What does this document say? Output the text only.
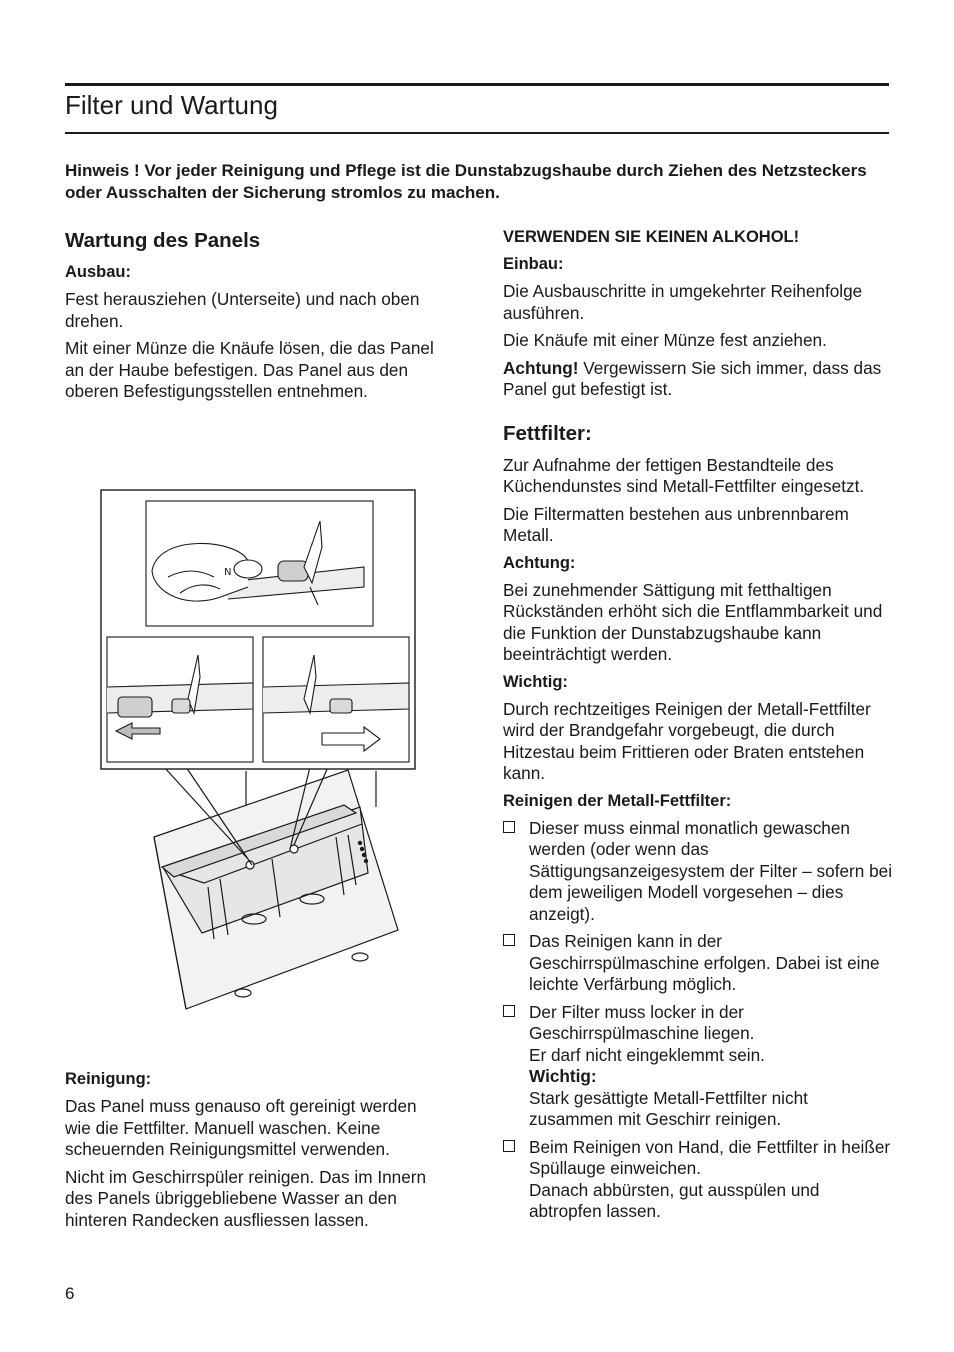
Filter und Wartung

Hinweis ! Vor jeder Reinigung und Pflege ist die Dunstabzugshaube durch Ziehen des Netzsteckers oder Ausschalten der Sicherung stromlos zu machen.

Wartung des Panels
Ausbau:

Fest herausziehen (Unterseite) und nach oben drehen.

Mit einer Münze die Knäufe lösen, die das Panel an der Haube befestigen. Das Panel aus den oberen Befestigungsstellen entnehmen.

N
Reinigung:

Das Panel muss genauso oft gereinigt werden wie die Fettfilter. Manuell waschen. Keine scheuernden Reinigungsmittel verwenden.

Nicht im Geschirrspüler reinigen. Das im Innern des Panels übriggebliebene Wasser an den hinteren Randecken ausfliessen lassen.

VERWENDEN SIE KEINEN ALKOHOL!
Einbau:

Die Ausbauschritte in umgekehrter Reihenfolge ausführen.

Die Knäufe mit einer Münze fest anziehen.

Achtung! Vergewissern Sie sich immer, dass das Panel gut befestigt ist.

Fettfilter:

Zur Aufnahme der fettigen Bestandteile des Küchendunstes sind Metall-Fettfilter eingesetzt.

Die Filtermatten bestehen aus unbrennbarem Metall.

Achtung:

Bei zunehmender Sättigung mit fetthaltigen Rückständen erhöht sich die Entflammbarkeit und die Funktion der Dunstabzugshaube kann beeinträchtigt werden.

Wichtig:

Durch rechtzeitiges Reinigen der Metall-Fettfilter wird der Brandgefahr vorgebeugt, die durch Hitzestau beim Frittieren oder Braten entstehen kann.

Reinigen der Metall-Fettfilter:
Dieser muss einmal monatlich gewaschen werden (oder wenn das Sättigungsanzeigesystem der Filter – sofern bei dem jeweiligen Modell vorgesehen – dies anzeigt).
Das Reinigen kann in der Geschirrspülmaschine erfolgen. Dabei ist eine leichte Verfärbung möglich.
Der Filter muss locker in der Geschirrspülmaschine liegen.
Er darf nicht eingeklemmt sein.
Wichtig:
Stark gesättigte Metall-Fettfilter nicht zusammen mit Geschirr reinigen.
Beim Reinigen von Hand, die Fettfilter in heißer Spüllauge einweichen.
Danach abbürsten, gut ausspülen und abtropfen lassen.

6
